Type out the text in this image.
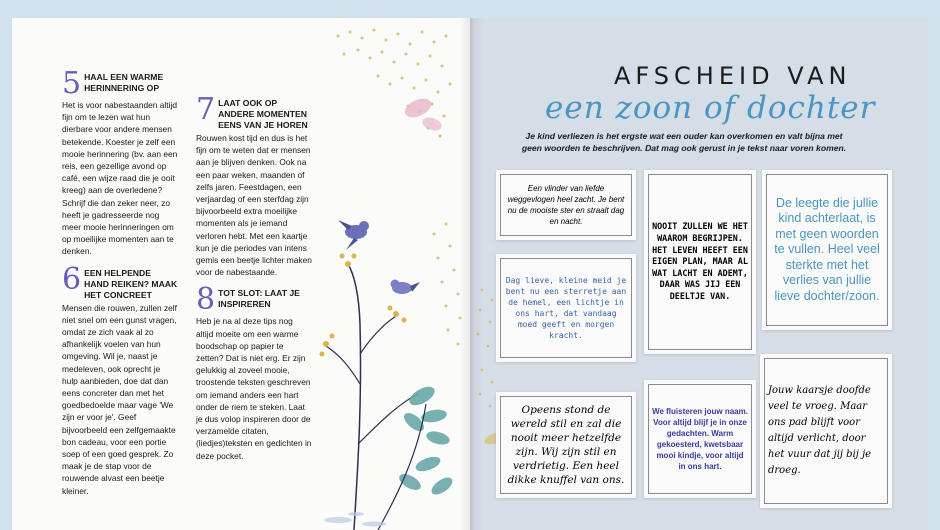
5 HAAL EEN WARME HERINNERING OP

Het is voor nabestaanden altijd fijn om te lezen wat hun dierbare voor andere mensen betekende. Koester je zelf een mooie herinnering (bv. aan een reis, een gezellige avond op café, een wijze raad die je ooit kreeg) aan de overledene? Schrijf die dan zeker neer, zo heeft je gadresseerde nog meer mooie herinneringen om op moeilijke momenten aan te denken.

6 EEN HELPENDE HAND REIKEN? MAAK HET CONCREET

Mensen die rouwen, zullen zelf niet snel om een gunst vragen, omdat ze zich vaak al zo afhankelijk voelen van hun omgeving. Wil je, naast je medeleven, ook oprecht je hulp aanbieden, doe dat dan eens concreter dan met het goedbedoelde maar vage 'We zijn er voor je'. Geef bijvoorbeeld een zelfgemaakte bon cadeau, voor een portie soep of een goed gesprek. Zo maak je de stap voor de rouwende alvast een beetje kleiner.

7 LAAT OOK OP ANDERE MOMENTEN EENS VAN JE HOREN

Rouwen kost tijd en dus is het fijn om te weten dat er mensen aan je blijven denken. Ook na een paar weken, maanden of zelfs jaren. Feestdagen, een verjaardag of een sterfdag zijn bijvoorbeeld extra moeilijke momenten als je iemand verloren hebt. Met een kaartje kun je die periodes van intens gemis een beetje lichter maken voor de nabestaande.

8 TOT SLOT: LAAT JE INSPIREREN

Heb je na al deze tips nog altijd moeite om een warme boodschap op papier te zetten? Dat is niet erg. Er zijn gelukkig al zoveel mooie, troostende teksten geschreven om iemand anders een hart onder de riem te steken. Laat je dus volop inspireren door de verzamelde citaten, (liedjes)teksten en gedichten in deze pocket.

AFSCHEID VAN
een zoon of dochter
Je kind verliezen is het ergste wat een ouder kan overkomen en valt bijna met geen woorden te beschrijven. Dat mag ook gerust in je tekst naar voren komen.
Een vlinder van liefde weggevlogen heel zacht. Je bent nu de mooiste ster en straalt dag en nacht.
Dag lieve, kleine meid je bent nu een sterretje aan de hemel, een lichtje in ons hart, dat vandaag moed geeft en morgen kracht.
Opeens stond de wereld stil en zal die nooit meer hetzelfde zijn. Wij zijn stil en verdrietig. Een heel dikke knuffel van ons.
NOOIT ZULLEN WE HET WAAROM BEGRIJPEN. HET LEVEN HEEFT EEN EIGEN PLAN, MAAR AL WAT LACHT EN ADEMT, DAAR WAS JIJ EEN DEELTJE VAN.
We fluisteren jouw naam. Voor altijd blijf je in onze gedachten. Warm gekoesterd, kwetsbaar mooi kindje, voor altijd in ons hart.
De leegte die jullie kind achterlaat, is met geen woorden te vullen. Heel veel sterkte met het verlies van jullie lieve dochter/zoon.
Jouw kaarsje doofde veel te vroeg. Maar ons pad blijft voor altijd verlicht, door het vuur dat jij bij je droeg.
